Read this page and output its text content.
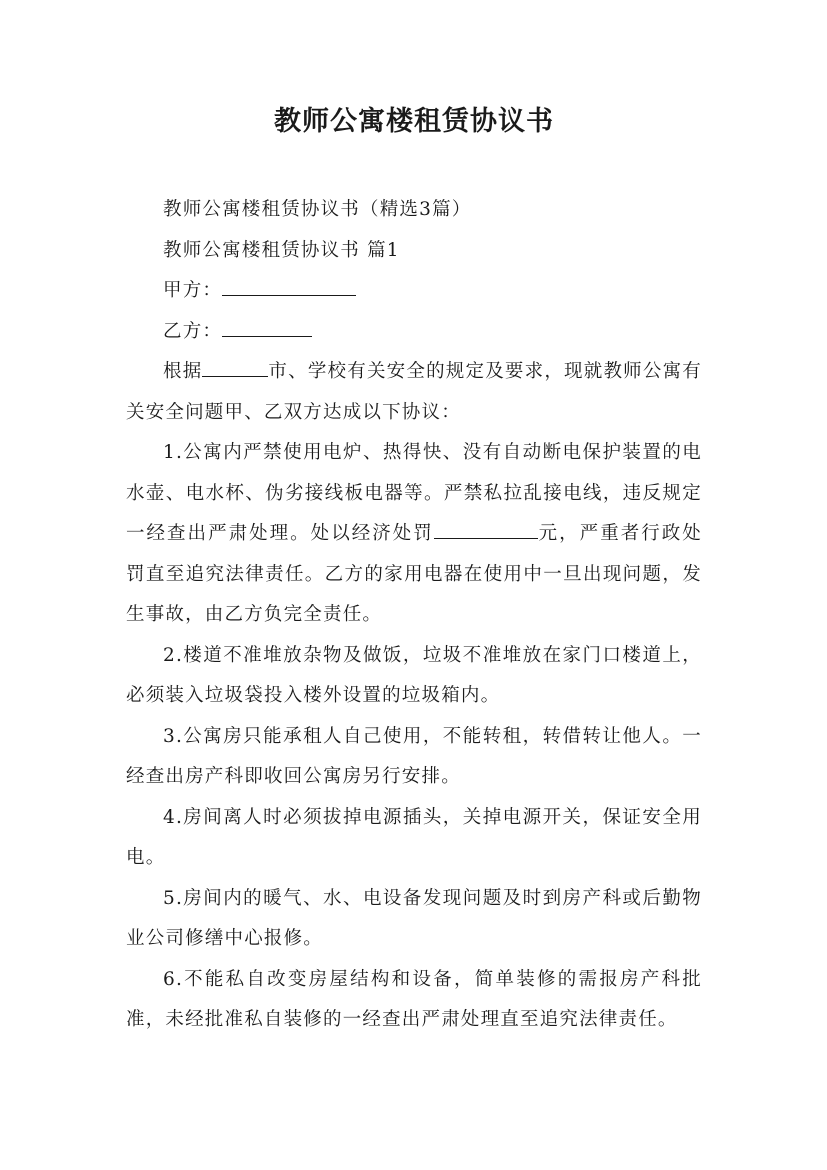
教师公寓楼租赁协议书

教师公寓楼租赁协议书（精选3篇）

教师公寓楼租赁协议书 篇1

甲方：

乙方：

根据	市、学校有关安全的规定及要求，现就教师公寓有关安全问题甲、乙双方达成以下协议：

1.公寓内严禁使用电炉、热得快、没有自动断电保护装置的电水壶、电水杯、伪劣接线板电器等。严禁私拉乱接电线，违反规定一经查出严肃处理。处以经济处罚	元，严重者行政处罚直至追究法律责任。乙方的家用电器在使用中一旦出现问题，发生事故，由乙方负完全责任。

2.楼道不准堆放杂物及做饭，垃圾不准堆放在家门口楼道上，必须装入垃圾袋投入楼外设置的垃圾箱内。

3.公寓房只能承租人自己使用，不能转租，转借转让他人。一经查出房产科即收回公寓房另行安排。

4.房间离人时必须拔掉电源插头，关掉电源开关，保证安全用电。

5.房间内的暖气、水、电设备发现问题及时到房产科或后勤物业公司修缮中心报修。

6.不能私自改变房屋结构和设备，简单装修的需报房产科批准，未经批准私自装修的一经查出严肃处理直至追究法律责任。
